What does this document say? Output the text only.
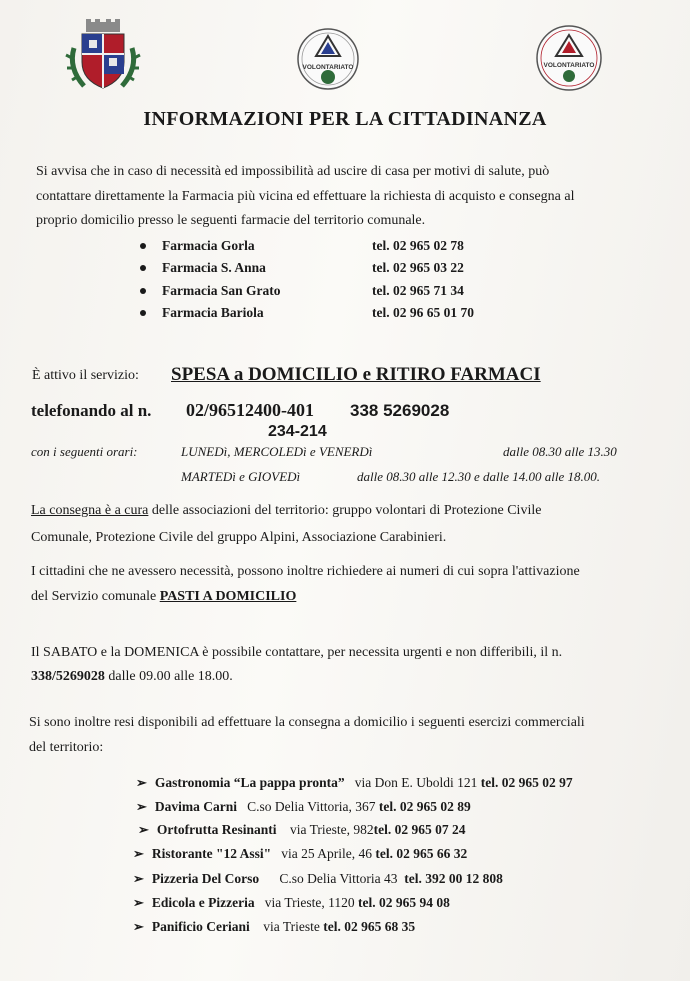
VOLONTARIATO	VOLONTARIATO
INFORMAZIONI PER LA CITTADINANZA
Si avvisa che in caso di necessità ed impossibilità ad uscire di casa per motivi di salute, può
contattare direttamente la Farmacia più vicina ed effettuare la richiesta di acquisto e consegna al
proprio domicilio presso le seguenti farmacie del territorio comunale.
Farmacia Gorla	tel. 02 965 02 78
Farmacia S. Anna	tel. 02 965 03 22
Farmacia San Grato	tel. 02 965 71 34
Farmacia Bariola	tel. 02 96 65 01 70
È attivo il servizio: SPESA a DOMICILIO e RITIRO FARMACI
telefonando al n. 02/96512400-401 338 5269028
234-214
con i seguenti orari:	LUNEDì, MERCOLEDì e VENERDì	dalle 08.30 alle 13.30
MARTEDì e GIOVEDì	dalle 08.30 alle 12.30 e dalle 14.00 alle 18.00.
La consegna è a cura delle associazioni del territorio: gruppo volontari di Protezione Civile
Comunale, Protezione Civile del gruppo Alpini, Associazione Carabinieri.
I cittadini che ne avessero necessità, possono inoltre richiedere ai numeri di cui sopra l'attivazione
del Servizio comunale PASTI A DOMICILIO
Il SABATO e la DOMENICA è possibile contattare, per necessita urgenti e non differibili, il n.
338/5269028 dalle 09.00 alle 18.00.
Si sono inoltre resi disponibili ad effettuare la consegna a domicilio i seguenti esercizi commerciali
del territorio:
➢ Gastronomia “La pappa pronta” via Don E. Uboldi 121 tel. 02 965 02 97
➢ Davima Carni C.so Delia Vittoria, 367 tel. 02 965 02 89
➢ Ortofrutta Resinanti via Trieste, 982tel. 02 965 07 24
➢ Ristorante "12 Assi" via 25 Aprile, 46 tel. 02 965 66 32
➢ Pizzeria Del Corso C.so Delia Vittoria 43 tel. 392 00 12 808
➢ Edicola e Pizzeria via Trieste, 1120 tel. 02 965 94 08
➢ Panificio Ceriani via Trieste tel. 02 965 68 35
